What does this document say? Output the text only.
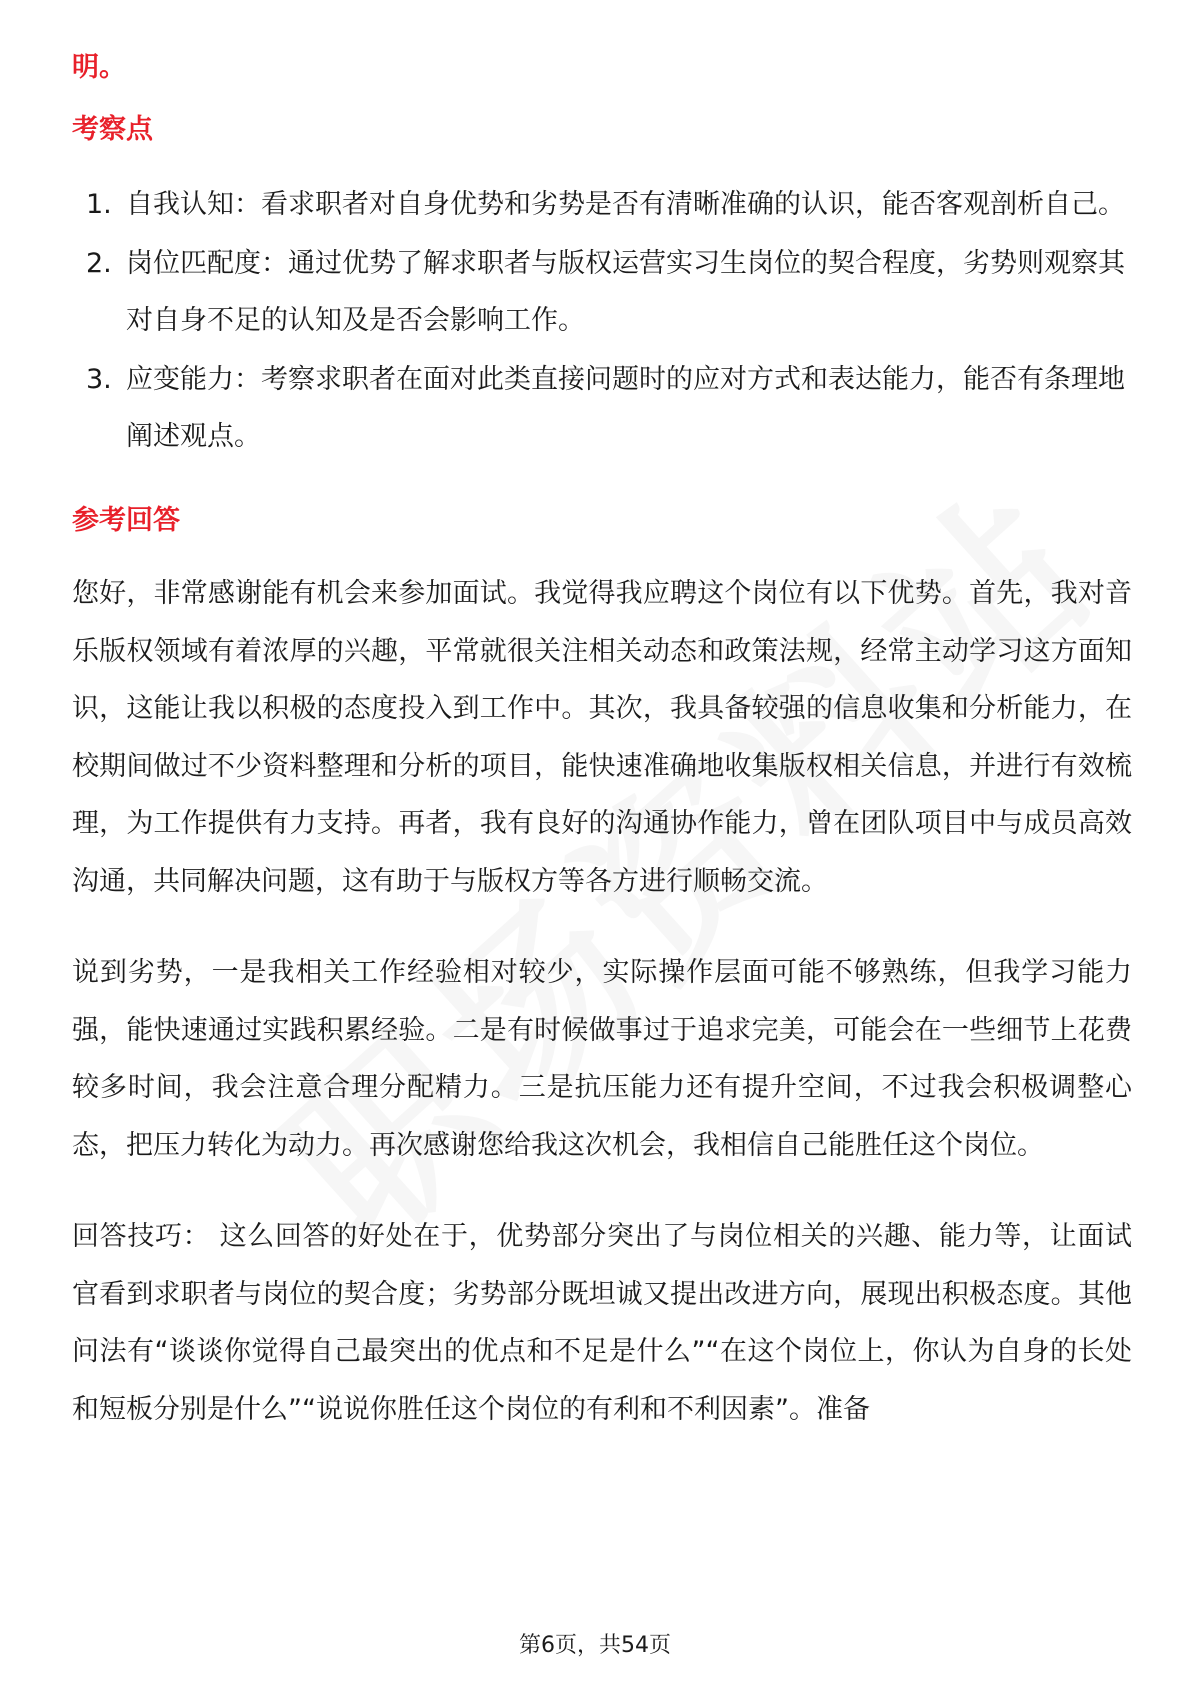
明。
考察点
1. 自我认知：看求职者对自身优势和劣势是否有清晰准确的认识，能否客观剖析自己。
2. 岗位匹配度：通过优势了解求职者与版权运营实习生岗位的契合程度，劣势则观察其对自身不足的认知及是否会影响工作。
3. 应变能力：考察求职者在面对此类直接问题时的应对方式和表达能力，能否有条理地阐述观点。
参考回答

您好，非常感谢能有机会来参加面试。我觉得我应聘这个岗位有以下优势。首先，我对音乐版权领域有着浓厚的兴趣，平常就很关注相关动态和政策法规，经常主动学习这方面知识，这能让我以积极的态度投入到工作中。其次，我具备较强的信息收集和分析能力，在校期间做过不少资料整理和分析的项目，能快速准确地收集版权相关信息，并进行有效梳理，为工作提供有力支持。再者，我有良好的沟通协作能力，曾在团队项目中与成员高效沟通，共同解决问题，这有助于与版权方等各方进行顺畅交流。

说到劣势，一是我相关工作经验相对较少，实际操作层面可能不够熟练，但我学习能力强，能快速通过实践积累经验。二是有时候做事过于追求完美，可能会在一些细节上花费较多时间，我会注意合理分配精力。三是抗压能力还有提升空间，不过我会积极调整心态，把压力转化为动力。再次感谢您给我这次机会，我相信自己能胜任这个岗位。

回答技巧： 这么回答的好处在于，优势部分突出了与岗位相关的兴趣、能力等，让面试官看到求职者与岗位的契合度；劣势部分既坦诚又提出改进方向，展现出积极态度。其他问法有“谈谈你觉得自己最突出的优点和不足是什么”“在这个岗位上，你认为自身的长处和短板分别是什么”“说说你胜任这个岗位的有利和不利因素”。准备

第6页，共54页
